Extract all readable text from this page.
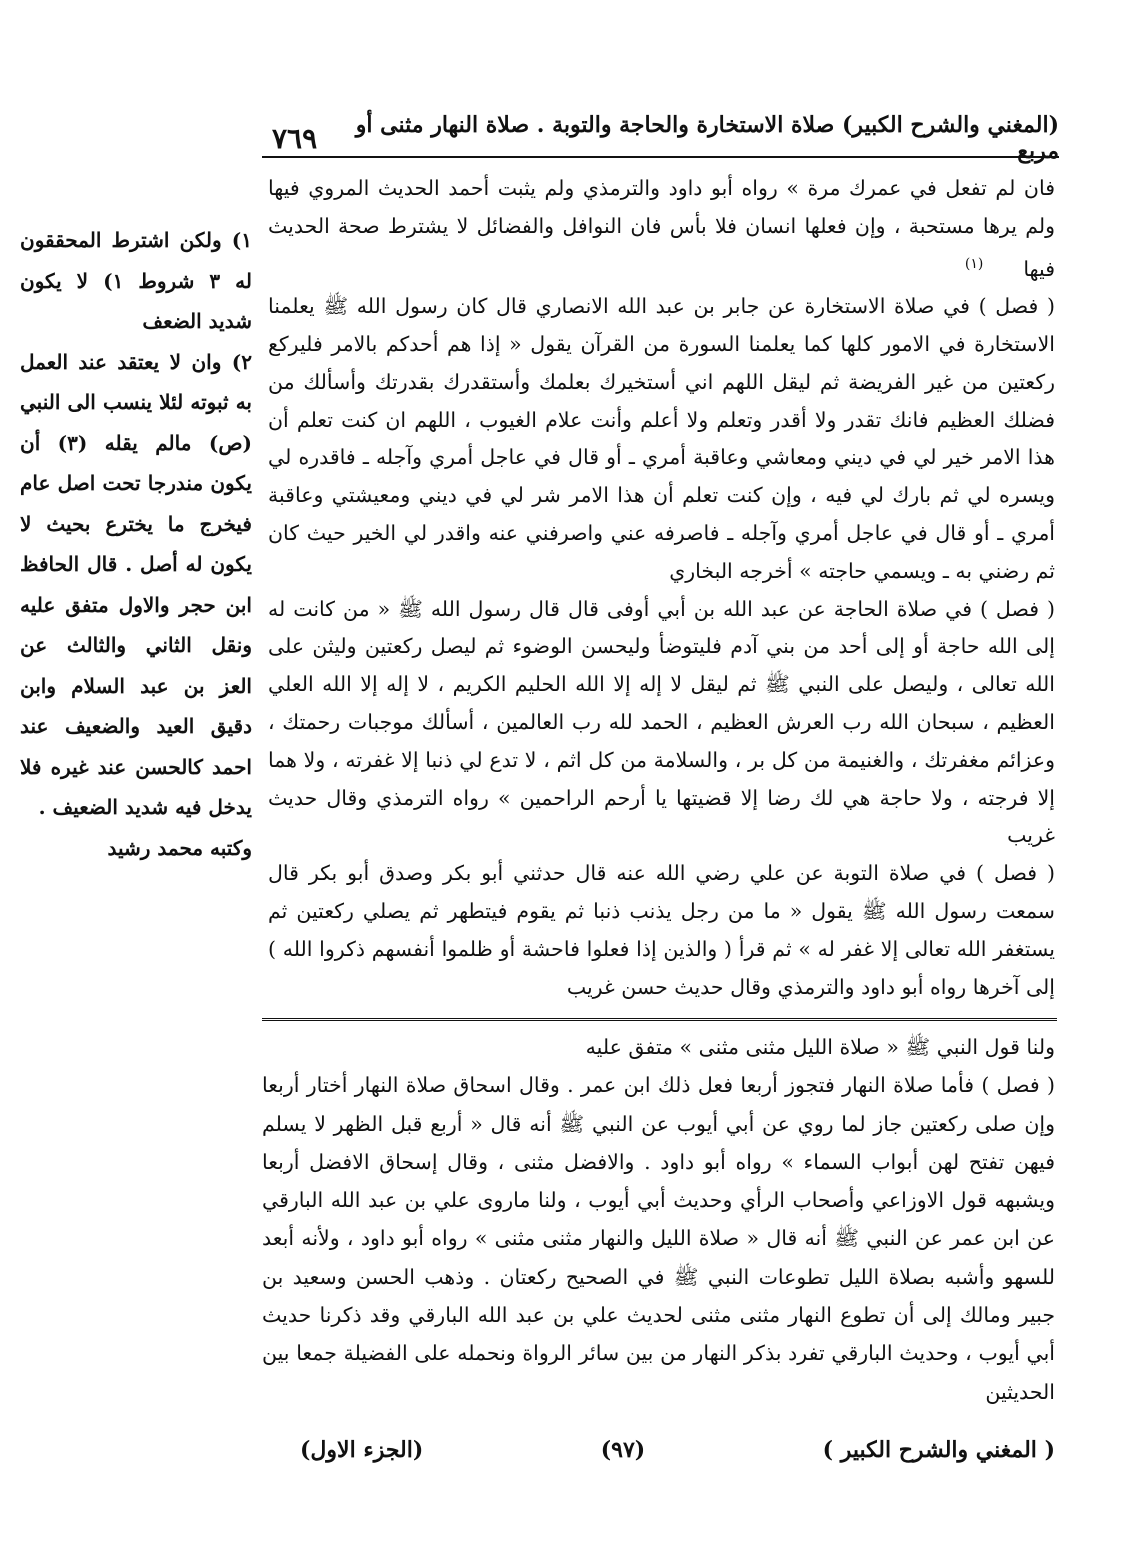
(المغني والشرح الكبير) صلاة الاستخارة والحاجة والتوبة . صلاة النهار مثنى أو مربع
٧٦٩

فان لم تفعل في عمرك مرة » رواه أبو داود والترمذي ولم يثبت أحمد الحديث المروي فيها ولم يرها مستحبة ، وإن فعلها انسان فلا بأس فان النوافل والفضائل لا يشترط صحة الحديث فيها$^{(١)}$

( فصل ) في صلاة الاستخارة عن جابر بن عبد الله الانصاري قال كان رسول الله ﷺ يعلمنا الاستخارة في الامور كلها كما يعلمنا السورة من القرآن يقول « إذا هم أحدكم بالامر فليركع ركعتين من غير الفريضة ثم ليقل اللهم اني أستخيرك بعلمك وأستقدرك بقدرتك وأسألك من فضلك العظيم فانك تقدر ولا أقدر وتعلم ولا أعلم وأنت علام الغيوب ، اللهم ان كنت تعلم أن هذا الامر خير لي في ديني ومعاشي وعاقبة أمري ـ أو قال في عاجل أمري وآجله ـ فاقدره لي ويسره لي ثم بارك لي فيه ، وإن كنت تعلم أن هذا الامر شر لي في ديني ومعيشتي وعاقبة أمري ـ أو قال في عاجل أمري وآجله ـ فاصرفه عني واصرفني عنه واقدر لي الخير حيث كان ثم رضني به ـ ويسمي حاجته » أخرجه البخاري

( فصل ) في صلاة الحاجة عن عبد الله بن أبي أوفى قال قال رسول الله ﷺ « من كانت له إلى الله حاجة أو إلى أحد من بني آدم فليتوضأ وليحسن الوضوء ثم ليصل ركعتين وليثن على الله تعالى ، وليصل على النبي ﷺ ثم ليقل لا إله إلا الله الحليم الكريم ، لا إله إلا الله العلي العظيم ، سبحان الله رب العرش العظيم ، الحمد لله رب العالمين ، أسألك موجبات رحمتك ، وعزائم مغفرتك ، والغنيمة من كل بر ، والسلامة من كل اثم ، لا تدع لي ذنبا إلا غفرته ، ولا هما إلا فرجته ، ولا حاجة هي لك رضا إلا قضيتها يا أرحم الراحمين » رواه الترمذي وقال حديث غريب

( فصل ) في صلاة التوبة عن علي رضي الله عنه قال حدثني أبو بكر وصدق أبو بكر قال سمعت رسول الله ﷺ يقول « ما من رجل يذنب ذنبا ثم يقوم فيتطهر ثم يصلي ركعتين ثم يستغفر الله تعالى إلا غفر له » ثم قرأ ( والذين إذا فعلوا فاحشة أو ظلموا أنفسهم ذكروا الله ) إلى آخرها رواه أبو داود والترمذي وقال حديث حسن غريب

١) ولكن اشترط المحققون له ٣ شروط ١) لا يكون شديد الضعف

٢) وان لا يعتقد عند العمل به ثبوته لئلا ينسب الى النبي (ص) مالم يقله (٣) أن يكون مندرجا تحت اصل عام فيخرج ما يخترع بحيث لا يكون له أصل . قال الحافظ ابن حجر والاول متفق عليه ونقل الثاني والثالث عن العز بن عبد السلام وابن دقيق العيد والضعيف عند احمد كالحسن عند غيره فلا يدخل فيه شديد الضعيف .

وكتبه محمد رشيد

ولنا قول النبي ﷺ « صلاة الليل مثنى مثنى » متفق عليه

( فصل ) فأما صلاة النهار فتجوز أربعا فعل ذلك ابن عمر . وقال اسحاق صلاة النهار أختار أربعا وإن صلى ركعتين جاز لما روي عن أبي أيوب عن النبي ﷺ أنه قال « أربع قبل الظهر لا يسلم فيهن تفتح لهن أبواب السماء » رواه أبو داود . والافضل مثنى ، وقال إسحاق الافضل أربعا ويشبهه قول الاوزاعي وأصحاب الرأي وحديث أبي أيوب ، ولنا ماروى علي بن عبد الله البارقي عن ابن عمر عن النبي ﷺ أنه قال « صلاة الليل والنهار مثنى مثنى » رواه أبو داود ، ولأنه أبعد للسهو وأشبه بصلاة الليل تطوعات النبي ﷺ في الصحيح ركعتان . وذهب الحسن وسعيد بن جبير ومالك إلى أن تطوع النهار مثنى مثنى لحديث علي بن عبد الله البارقي وقد ذكرنا حديث أبي أيوب ، وحديث البارقي تفرد بذكر النهار من بين سائر الرواة ونحمله على الفضيلة جمعا بين الحديثين

( المغني والشرح الكبير )
(٩٧)
(الجزء الاول)
